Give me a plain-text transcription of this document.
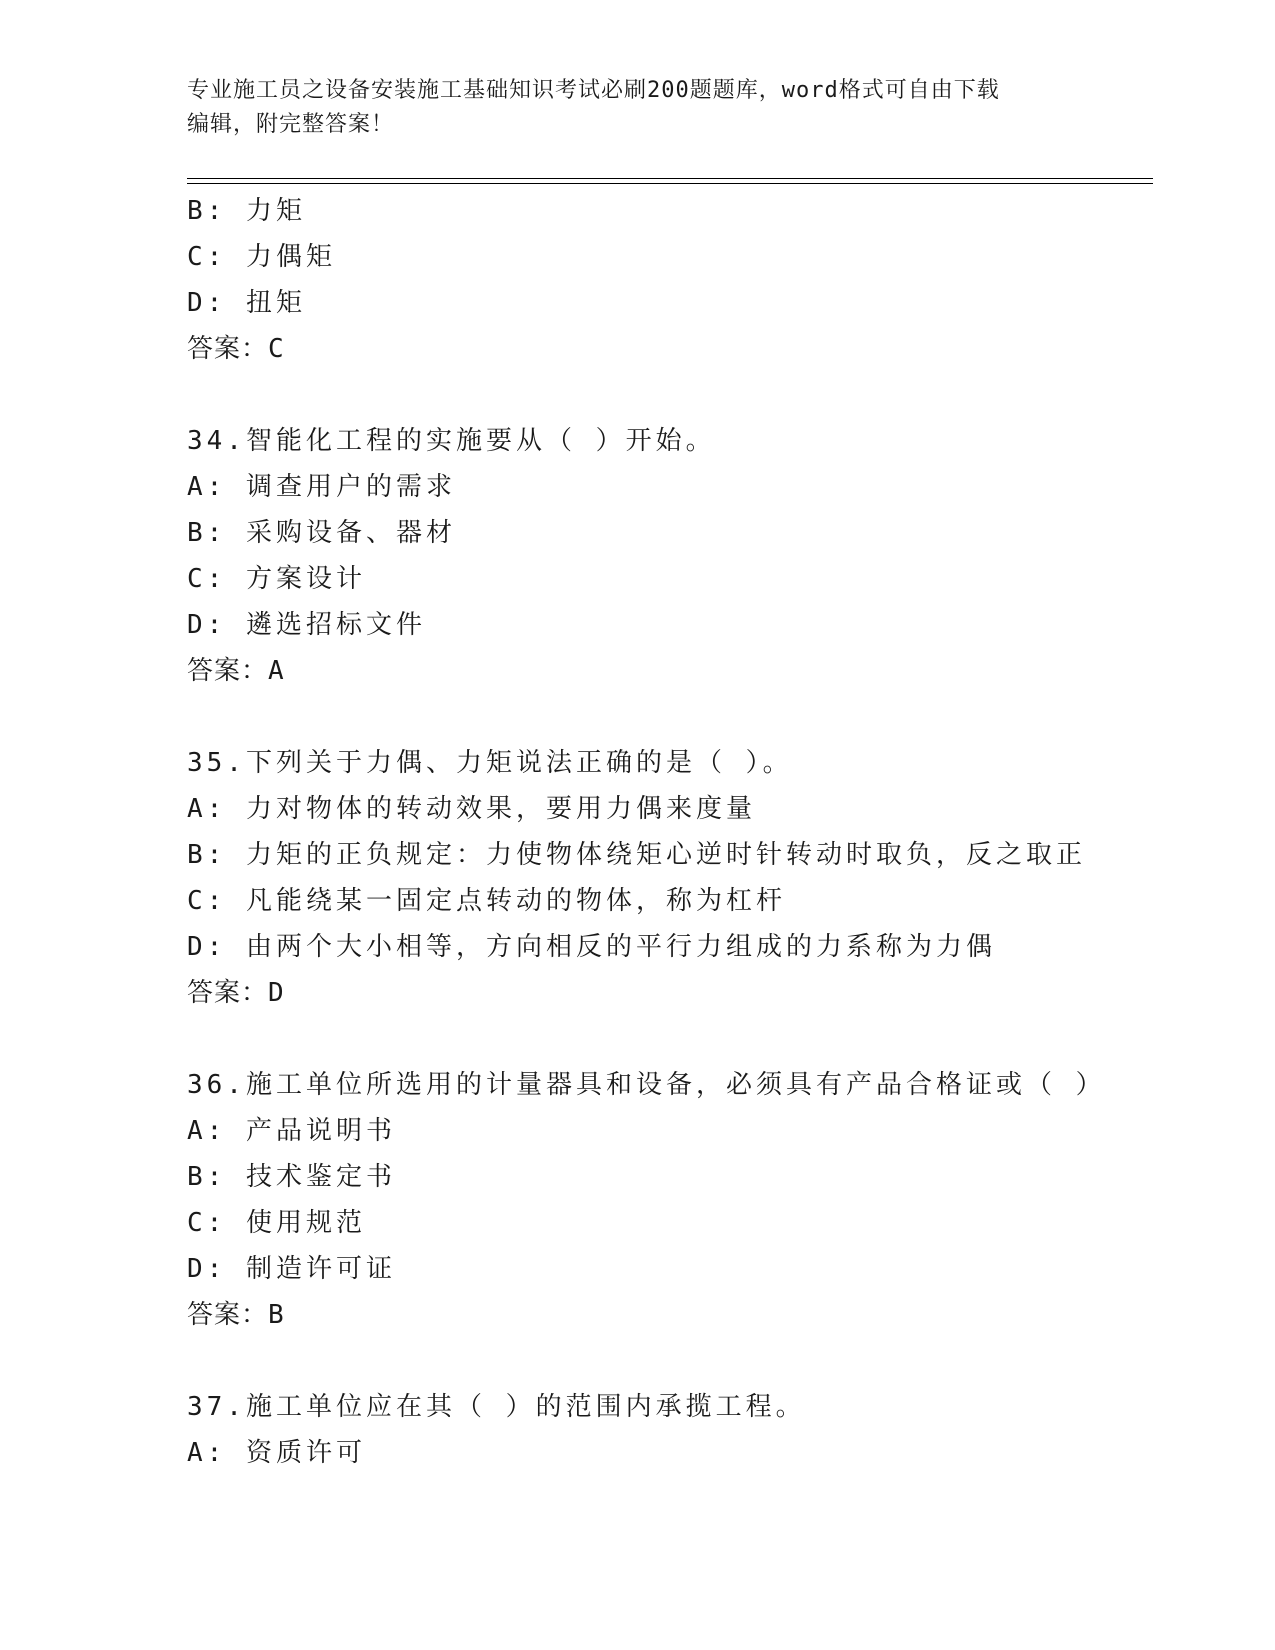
专业施工员之设备安装施工基础知识考试必刷200题题库，word格式可自由下载
编辑，附完整答案！
B: 力矩
C: 力偶矩
D: 扭矩
答案：C
34.智能化工程的实施要从（ ）开始。
A: 调查用户的需求
B: 采购设备、器材
C: 方案设计
D: 遴选招标文件
答案：A
35.下列关于力偶、力矩说法正确的是（ ）。
A: 力对物体的转动效果，要用力偶来度量
B: 力矩的正负规定：力使物体绕矩心逆时针转动时取负，反之取正
C: 凡能绕某一固定点转动的物体，称为杠杆
D: 由两个大小相等，方向相反的平行力组成的力系称为力偶
答案：D
36.施工单位所选用的计量器具和设备，必须具有产品合格证或（ ）
A: 产品说明书
B: 技术鉴定书
C: 使用规范
D: 制造许可证
答案：B
37.施工单位应在其（ ）的范围内承揽工程。
A: 资质许可
